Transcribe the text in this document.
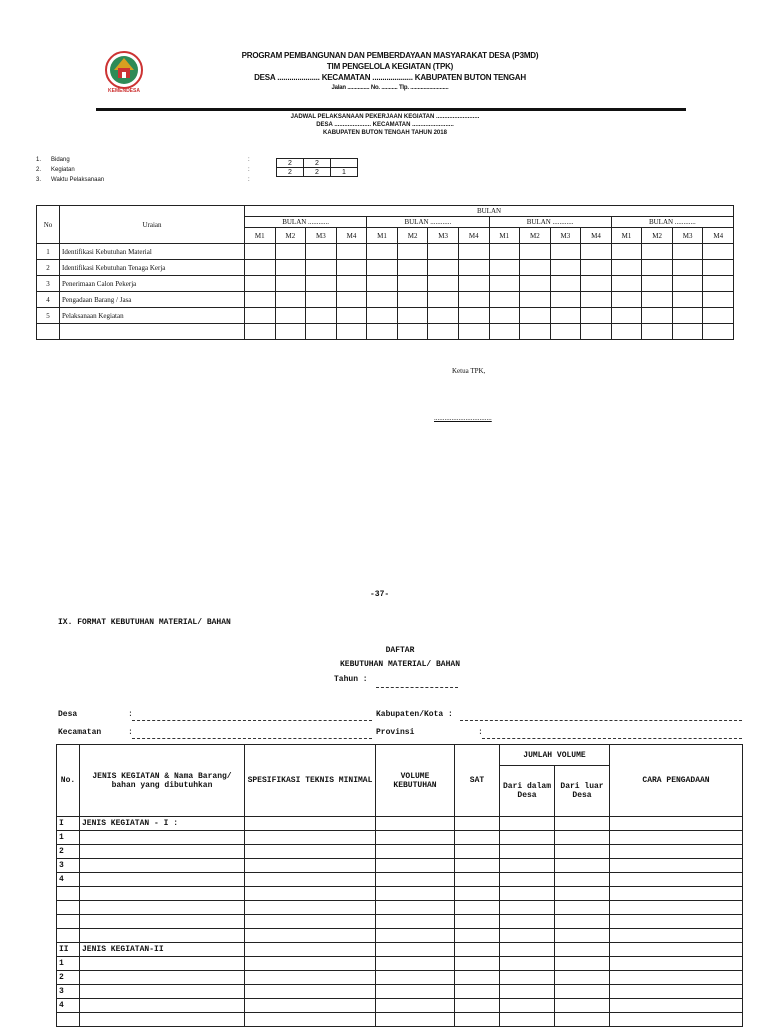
KEMENDESA
PROGRAM PEMBANGUNAN DAN PEMBERDAYAAN MASYARAKAT DESA (P3MD)
TIM PENGELOLA KEGIATAN (TPK)
DESA ..................... KECAMATAN .................... KABUPATEN BUTON TENGAH
Jalan ............... No. ........... Tlp. ..........................
JADWAL PELAKSANAAN PEKERJAAN KEGIATAN ..........................
DESA ...................... KECAMATAN .........................
KABUPATEN BUTON TENGAH TAHUN 2018
1. Bidang	:
2. Kegiatan	:
3. Waktu Pelaksanaan	:
2	2	
2	2	1
No	Uraian	BULAN															
		BULAN ............				BULAN ............				BULAN ............				BULAN ............			
		M1	M2	M3	M4	M1	M2	M3	M4	M1	M2	M3	M4	M1	M2	M3	M4
1	Identifikasi Kebutuhan Material																
2	Identifikasi Kebutuhan Tenaga Kerja																
3	Penerimaan Calon Pekerja																
4	Pengadaan Barang / Jasa																
5	Pelaksanaan Kegiatan																

Ketua TPK,
.................................
-37-
IX. FORMAT KEBUTUHAN MATERIAL/ BAHAN
DAFTAR
KEBUTUHAN MATERIAL/ BAHAN
Tahun :
Desa	:	Kabupaten/Kota :
Kecamatan	:	Provinsi	:
No.	JENIS KEGIATAN & Nama Barang/ bahan yang dibutuhkan	SPESIFIKASI TEKNIS MINIMAL	VOLUME KEBUTUHAN	SAT	JUMLAH VOLUME		CARA PENGADAAN
					Dari dalam Desa	Dari luar Desa	
I	JENIS KEGIATAN - I :						
1							
2							
3							
4							

II	JENIS KEGIATAN-II						
1							
2							
3							
4							
